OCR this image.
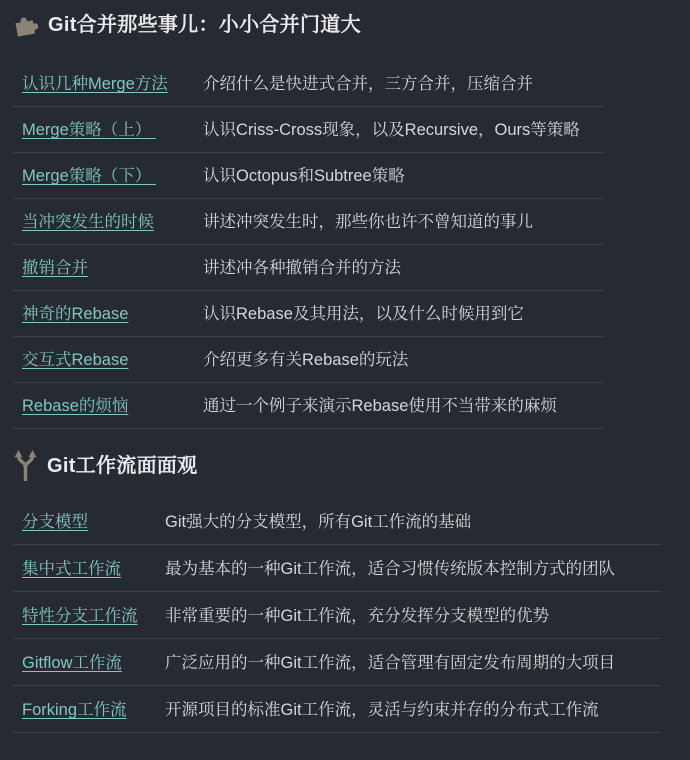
Git合并那些事儿：小小合并门道大
认识几种Merge方法	介绍什么是快进式合并，三方合并，压缩合并
Merge策略（上）	认识Criss-Cross现象，以及Recursive，Ours等策略
Merge策略（下）	认识Octopus和Subtree策略
当冲突发生的时候	讲述冲突发生时，那些你也许不曾知道的事儿
撤销合并	讲述冲各种撤销合并的方法
神奇的Rebase	认识Rebase及其用法，以及什么时候用到它
交互式Rebase	介绍更多有关Rebase的玩法
Rebase的烦恼	通过一个例子来演示Rebase使用不当带来的麻烦
Git工作流面面观
分支模型	Git强大的分支模型，所有Git工作流的基础
集中式工作流	最为基本的一种Git工作流，适合习惯传统版本控制方式的团队
特性分支工作流	非常重要的一种Git工作流，充分发挥分支模型的优势
Gitflow工作流	广泛应用的一种Git工作流，适合管理有固定发布周期的大项目
Forking工作流	开源项目的标准Git工作流，灵活与约束并存的分布式工作流
